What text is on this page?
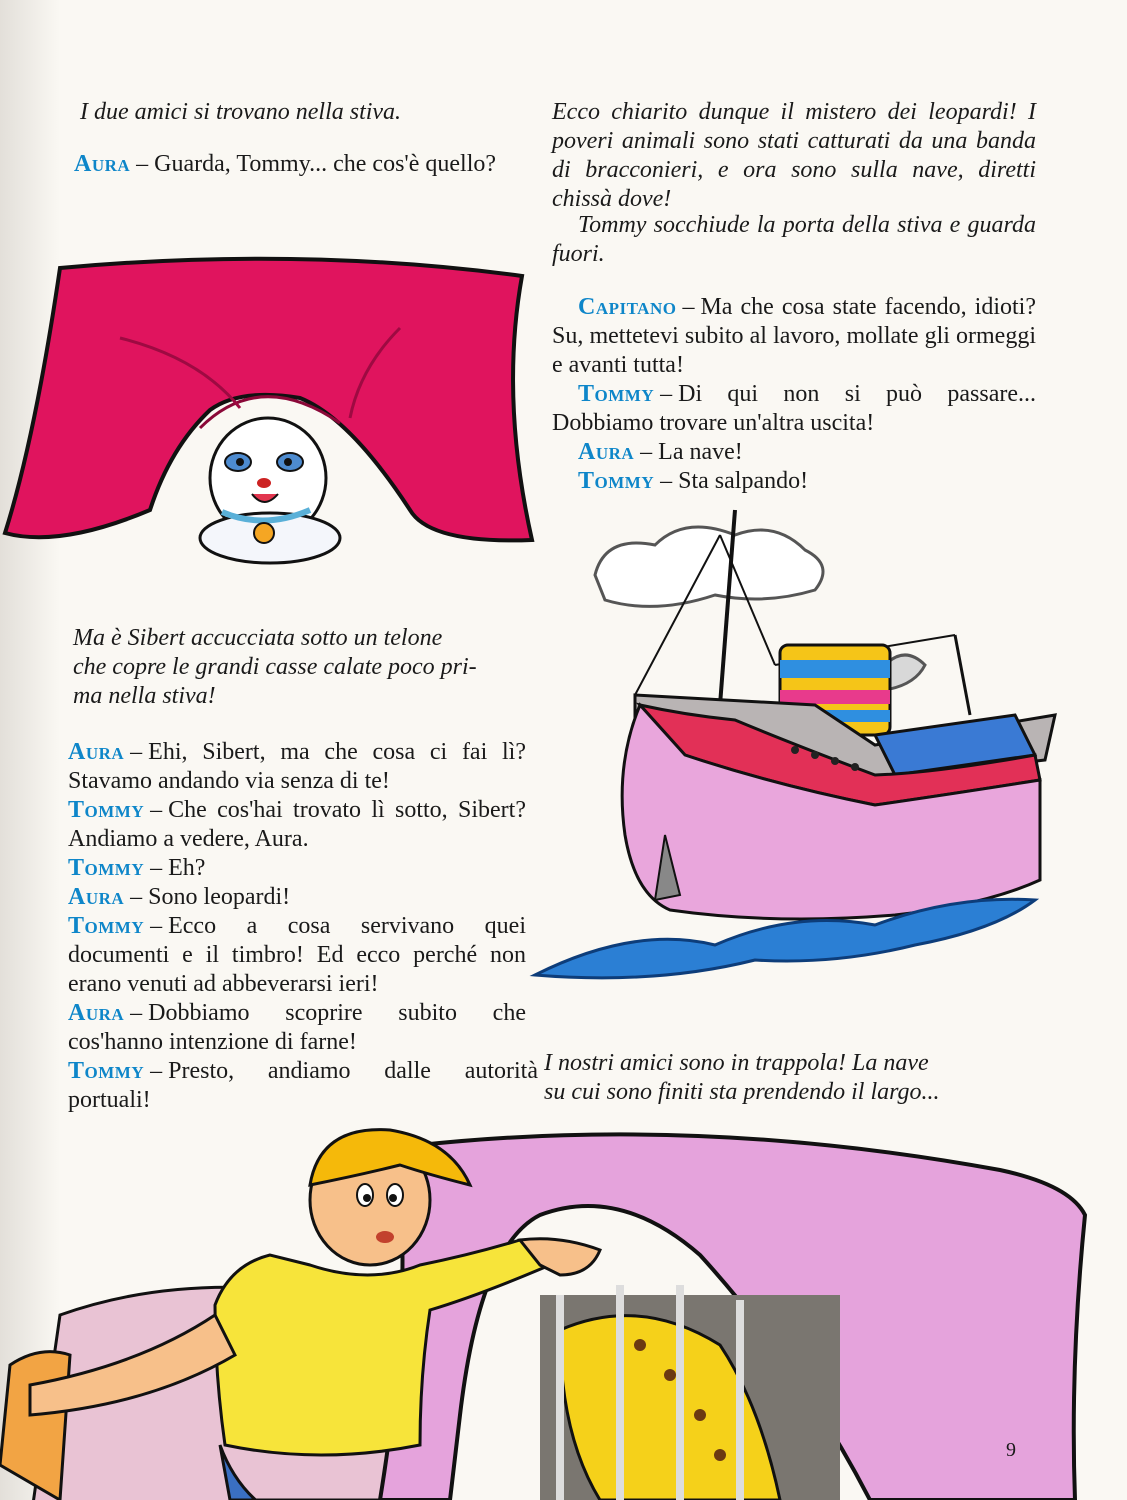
I due amici si trovano nella stiva.

Aura – Guarda, Tommy... che cos'è quello?

Ma è Sibert accucciata sotto un telone
che copre le grandi casse calate poco pri-
ma nella stiva!

Aura – Ehi, Sibert, ma che cosa ci fai lì? Stavamo andando via senza di te!

Tommy – Che cos'hai trovato lì sotto, Sibert? Andiamo a vedere, Aura.

Tommy – Eh?

Aura – Sono leopardi!

Tommy – Ecco a cosa servivano quei documenti e il timbro! Ed ecco perché non erano venuti ad abbeverarsi ieri!

Aura – Dobbiamo scoprire subito che cos'hanno intenzione di farne!

Tommy – Presto, andiamo dalle autorità portuali!

Ecco chiarito dunque il mistero dei leopardi! I poveri animali sono stati catturati da una banda di bracconieri, e ora sono sulla nave, diretti chissà dove!

Tommy socchiude la porta della stiva e guarda fuori.

Capitano – Ma che cosa state facendo, idioti? Su, mettetevi subito al lavoro, mollate gli ormeggi e avanti tutta!

Tommy – Di qui non si può passare... Dobbiamo trovare un'altra uscita!

Aura – La nave!

Tommy – Sta salpando!

I nostri amici sono in trappola! La nave
su cui sono finiti sta prendendo il largo...

9
